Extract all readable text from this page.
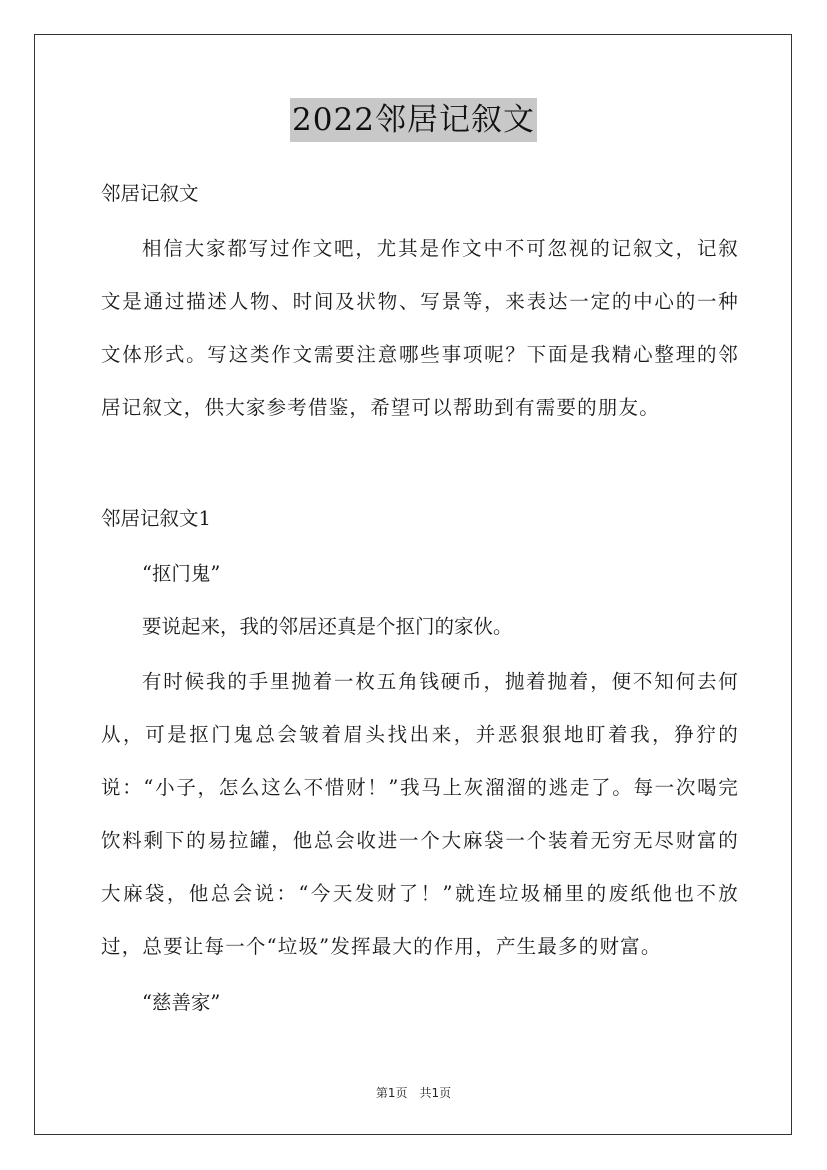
2022邻居记叙文

邻居记叙文

相信大家都写过作文吧，尤其是作文中不可忽视的记叙文，记叙文是通过描述人物、时间及状物、写景等，来表达一定的中心的一种文体形式。写这类作文需要注意哪些事项呢？下面是我精心整理的邻居记叙文，供大家参考借鉴，希望可以帮助到有需要的朋友。

邻居记叙文1

“抠门鬼”

要说起来，我的邻居还真是个抠门的家伙。

有时候我的手里抛着一枚五角钱硬币，抛着抛着，便不知何去何从，可是抠门鬼总会皱着眉头找出来，并恶狠狠地盯着我，狰狞的说：“小子，怎么这么不惜财！”我马上灰溜溜的逃走了。每一次喝完饮料剩下的易拉罐，他总会收进一个大麻袋一个装着无穷无尽财富的大麻袋，他总会说：“今天发财了！”就连垃圾桶里的废纸他也不放过，总要让每一个“垃圾”发挥最大的作用，产生最多的财富。

“慈善家”

第1页　共1页
